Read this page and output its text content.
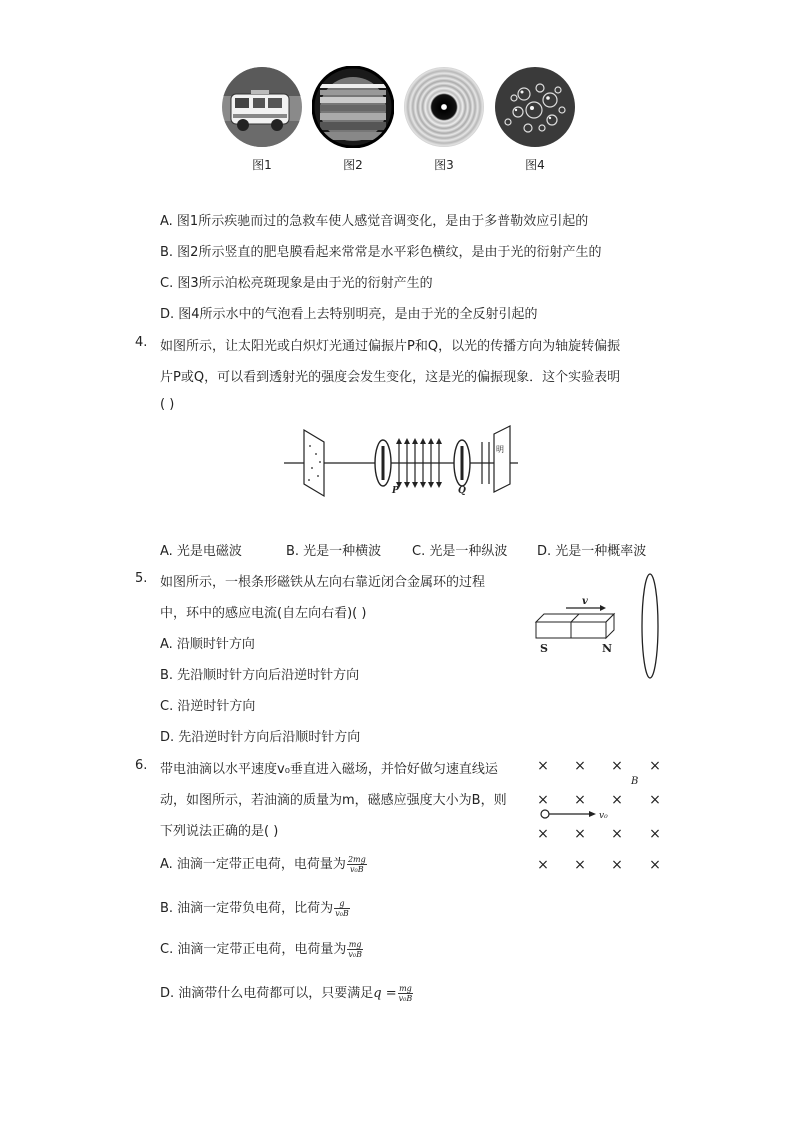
图1	图2	图3	图4
A. 图1所示疾驰而过的急救车使人感觉音调变化，是由于多普勒效应引起的
B. 图2所示竖直的肥皂膜看起来常常是水平彩色横纹，是由于光的衍射产生的
C. 图3所示泊松亮斑现象是由于光的衍射产生的
D. 图4所示水中的气泡看上去特别明亮，是由于光的全反射引起的
4. 如图所示，让太阳光或白炽灯光通过偏振片P和Q，以光的传播方向为轴旋转偏振
片P或Q，可以看到透射光的强度会发生变化，这是光的偏振现象．这个实验表明
( )
明
P	Q
A. 光是电磁波	B. 光是一种横波 C. 光是一种纵波 D. 光是一种概率波
5. 如图所示，一根条形磁铁从左向右靠近闭合金属环的过程
中，环中的感应电流(自左向右看)( )
A. 沿顺时针方向
B. 先沿顺时针方向后沿逆时针方向
C. 沿逆时针方向
D. 先沿逆时针方向后沿顺时针方向
v
S	N
6. 带电油滴以水平速度v₀垂直进入磁场，并恰好做匀速直线运
动，如图所示，若油滴的质量为m，磁感应强度大小为B，则
下列说法正确的是( )
A. 油滴一定带正电荷，电荷量为 $\frac{2mg}{\text{v₀B}}$
B. 油滴一定带负电荷，比荷为 $\frac{g}{\text{v₀B}}$
C. 油滴一定带正电荷，电荷量为 $\frac{mg}{\text{v₀B}}$
D. 油滴带什么电荷都可以，只要满足$q = \frac{mg}{\text{v₀B}}$
× × × ×
× × × ×
× × × ×
× × × ×
B
v₀
